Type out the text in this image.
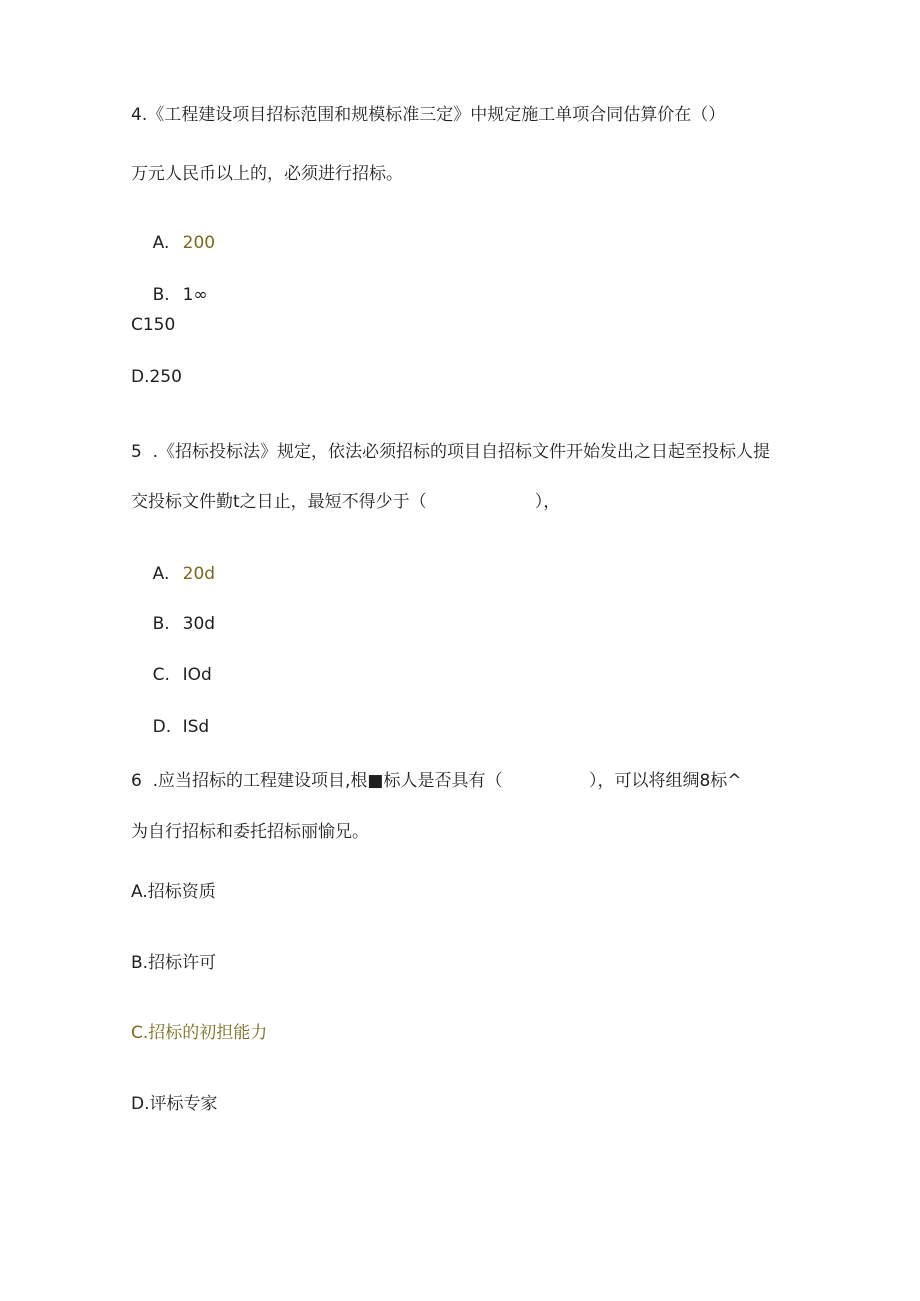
4.《工程建设项目招标范围和规模标准三定》中规定施工单项合同估算价在（）
万元人民币以上的，必须进行招标。

A. 200

B. 1∞

C150
D.250
5	.《招标投标法》规定，依法必须招标的项目自招标文件开始发出之日起至投标人提
交投标文件勤t之日止，最短不得少于（                    ），

A. 20d

B. 30d

C. IOd

D. ISd

6	.应当招标的工程建设项目,根■标人是否具有（                ），可以将组绸8标^
为自行招标和委托招标丽愉兄。
A.招标资质
B.招标许可
C.招标的初担能力
D.评标专家
